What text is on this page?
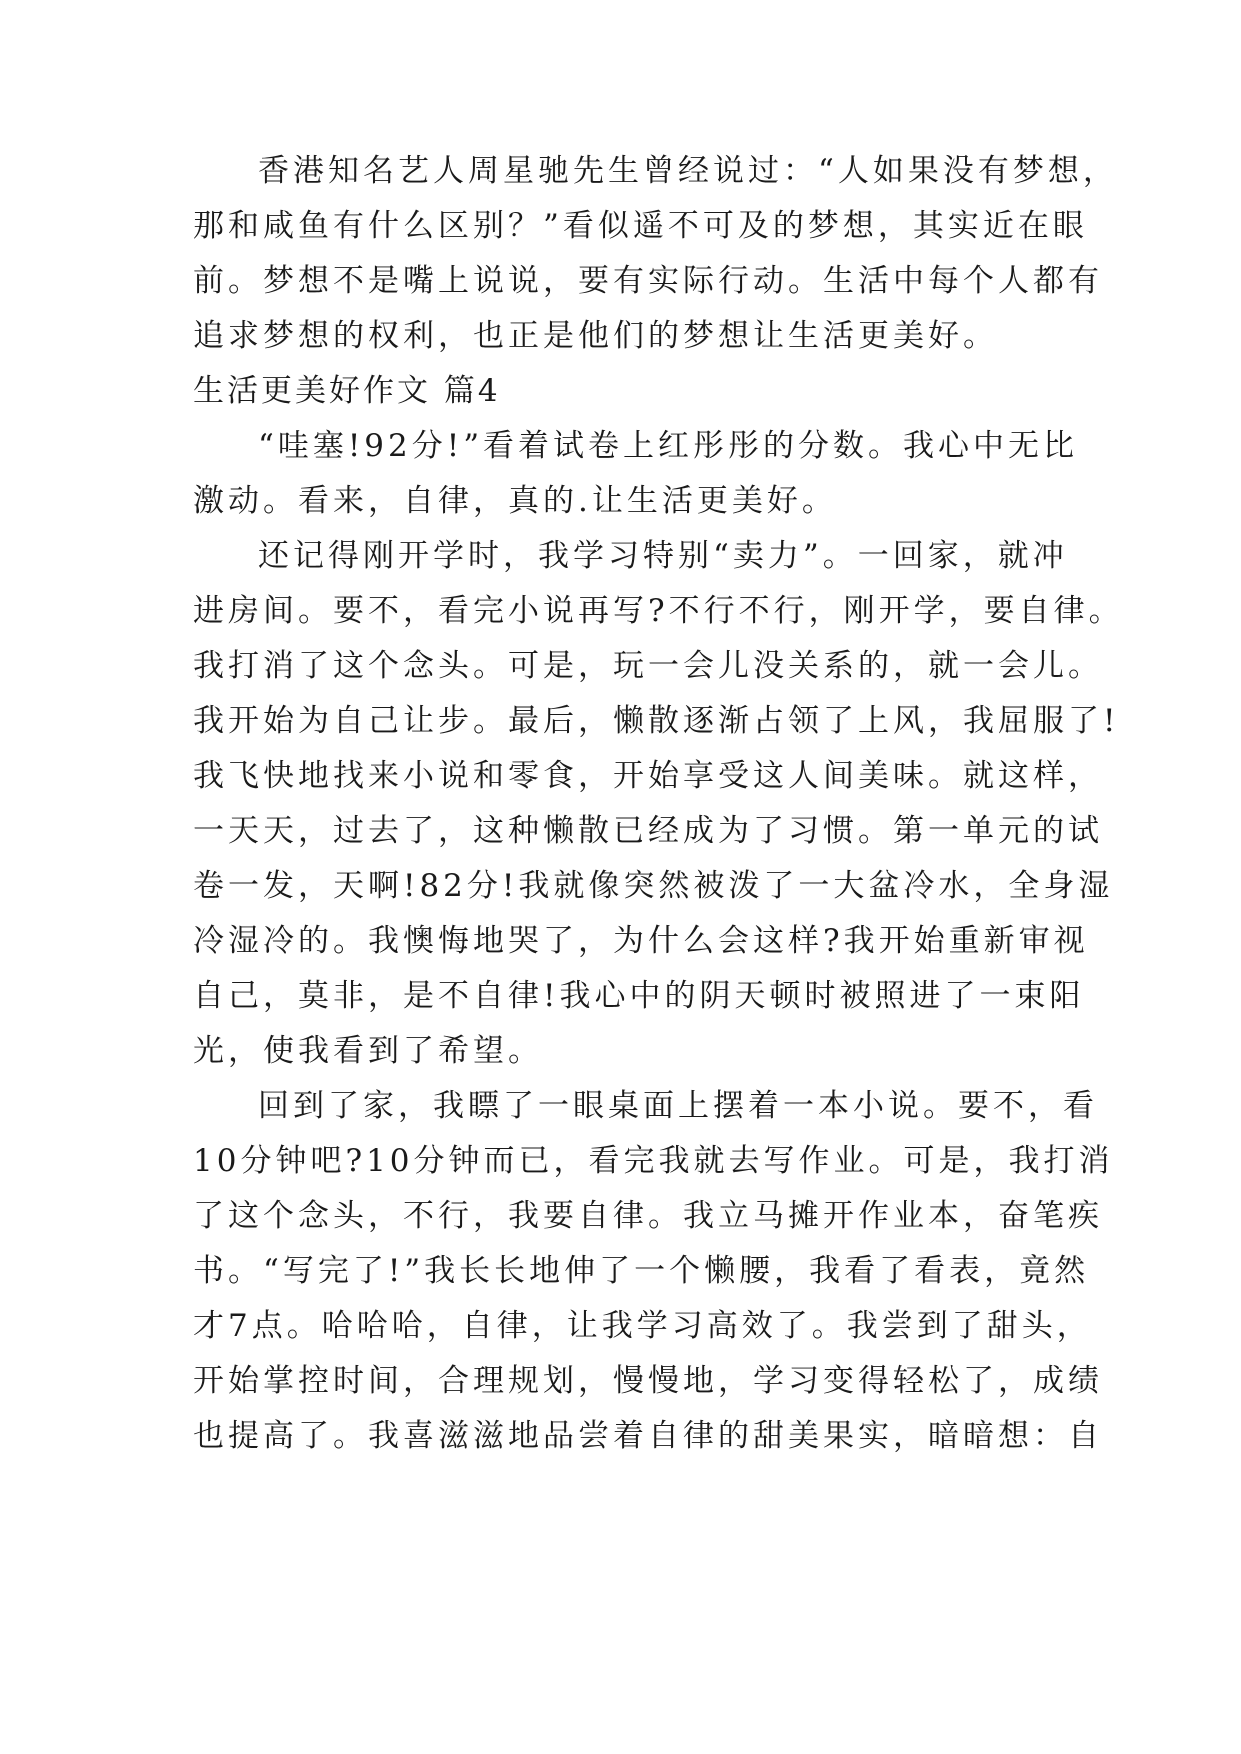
香港知名艺人周星驰先生曾经说过：“人如果没有梦想，
那和咸鱼有什么区别？”看似遥不可及的梦想，其实近在眼
前。梦想不是嘴上说说，要有实际行动。生活中每个人都有
追求梦想的权利，也正是他们的梦想让生活更美好。
生活更美好作文 篇4
“哇塞!92分!”看着试卷上红彤彤的分数。我心中无比
激动。看来，自律，真的.让生活更美好。
还记得刚开学时，我学习特别“卖力”。一回家，就冲
进房间。要不，看完小说再写?不行不行，刚开学，要自律。
我打消了这个念头。可是，玩一会儿没关系的，就一会儿。
我开始为自己让步。最后，懒散逐渐占领了上风，我屈服了!
我飞快地找来小说和零食，开始享受这人间美味。就这样，
一天天，过去了，这种懒散已经成为了习惯。第一单元的试
卷一发，天啊!82分!我就像突然被泼了一大盆冷水，全身湿
冷湿冷的。我懊悔地哭了，为什么会这样?我开始重新审视
自己，莫非，是不自律!我心中的阴天顿时被照进了一束阳
光，使我看到了希望。
回到了家，我瞟了一眼桌面上摆着一本小说。要不，看
10分钟吧?10分钟而已，看完我就去写作业。可是，我打消
了这个念头，不行，我要自律。我立马摊开作业本，奋笔疾
书。“写完了!”我长长地伸了一个懒腰，我看了看表，竟然
才7点。哈哈哈，自律，让我学习高效了。我尝到了甜头，
开始掌控时间，合理规划，慢慢地，学习变得轻松了，成绩
也提高了。我喜滋滋地品尝着自律的甜美果实，暗暗想：自
